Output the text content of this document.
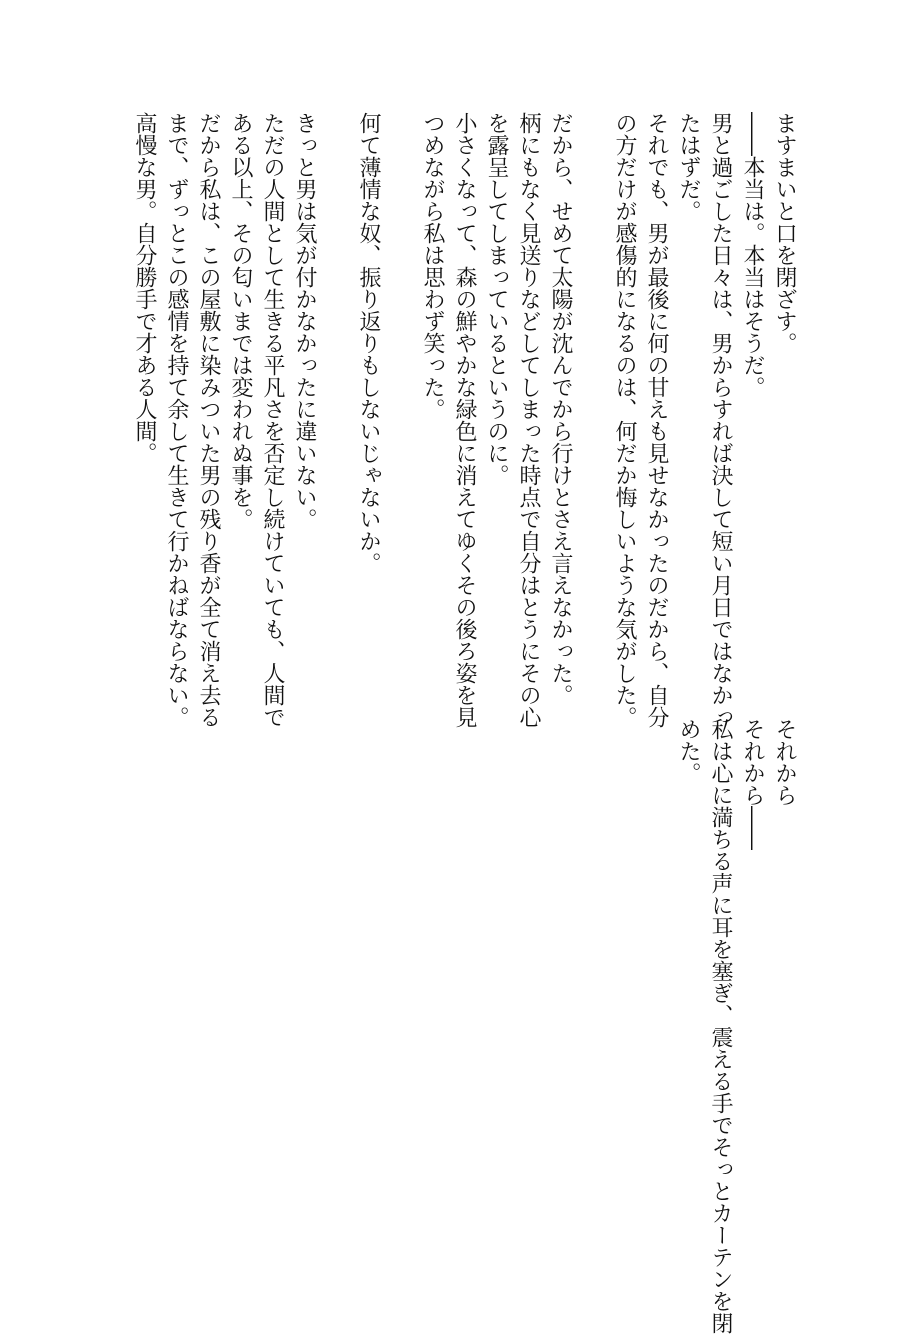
ますまいと口を閉ざす。

――本当は。本当はそうだ。

男と過ごした日々は、男からすれば決して短い月日ではなかっ

たはずだ。

それでも、男が最後に何の甘えも見せなかったのだから、自分

の方だけが感傷的になるのは、何だか悔しいような気がした。

だから、せめて太陽が沈んでから行けとさえ言えなかった。

柄にもなく見送りなどしてしまった時点で自分はとうにその心

を露呈してしまっているというのに。

小さくなって、森の鮮やかな緑色に消えてゆくその後ろ姿を見

つめながら私は思わず笑った。

何て薄情な奴、振り返りもしないじゃないか。

きっと男は気が付かなかったに違いない。

ただの人間として生きる平凡さを否定し続けていても、人間で

ある以上、その匂いまでは変われぬ事を。

だから私は、この屋敷に染みついた男の残り香が全て消え去る

まで、ずっとこの感情を持て余して生きて行かねばならない。

高慢な男。自分勝手で才ある人間。

それから

それから――

私は心に満ちる声に耳を塞ぎ、震える手でそっとカーテンを閉

めた。
